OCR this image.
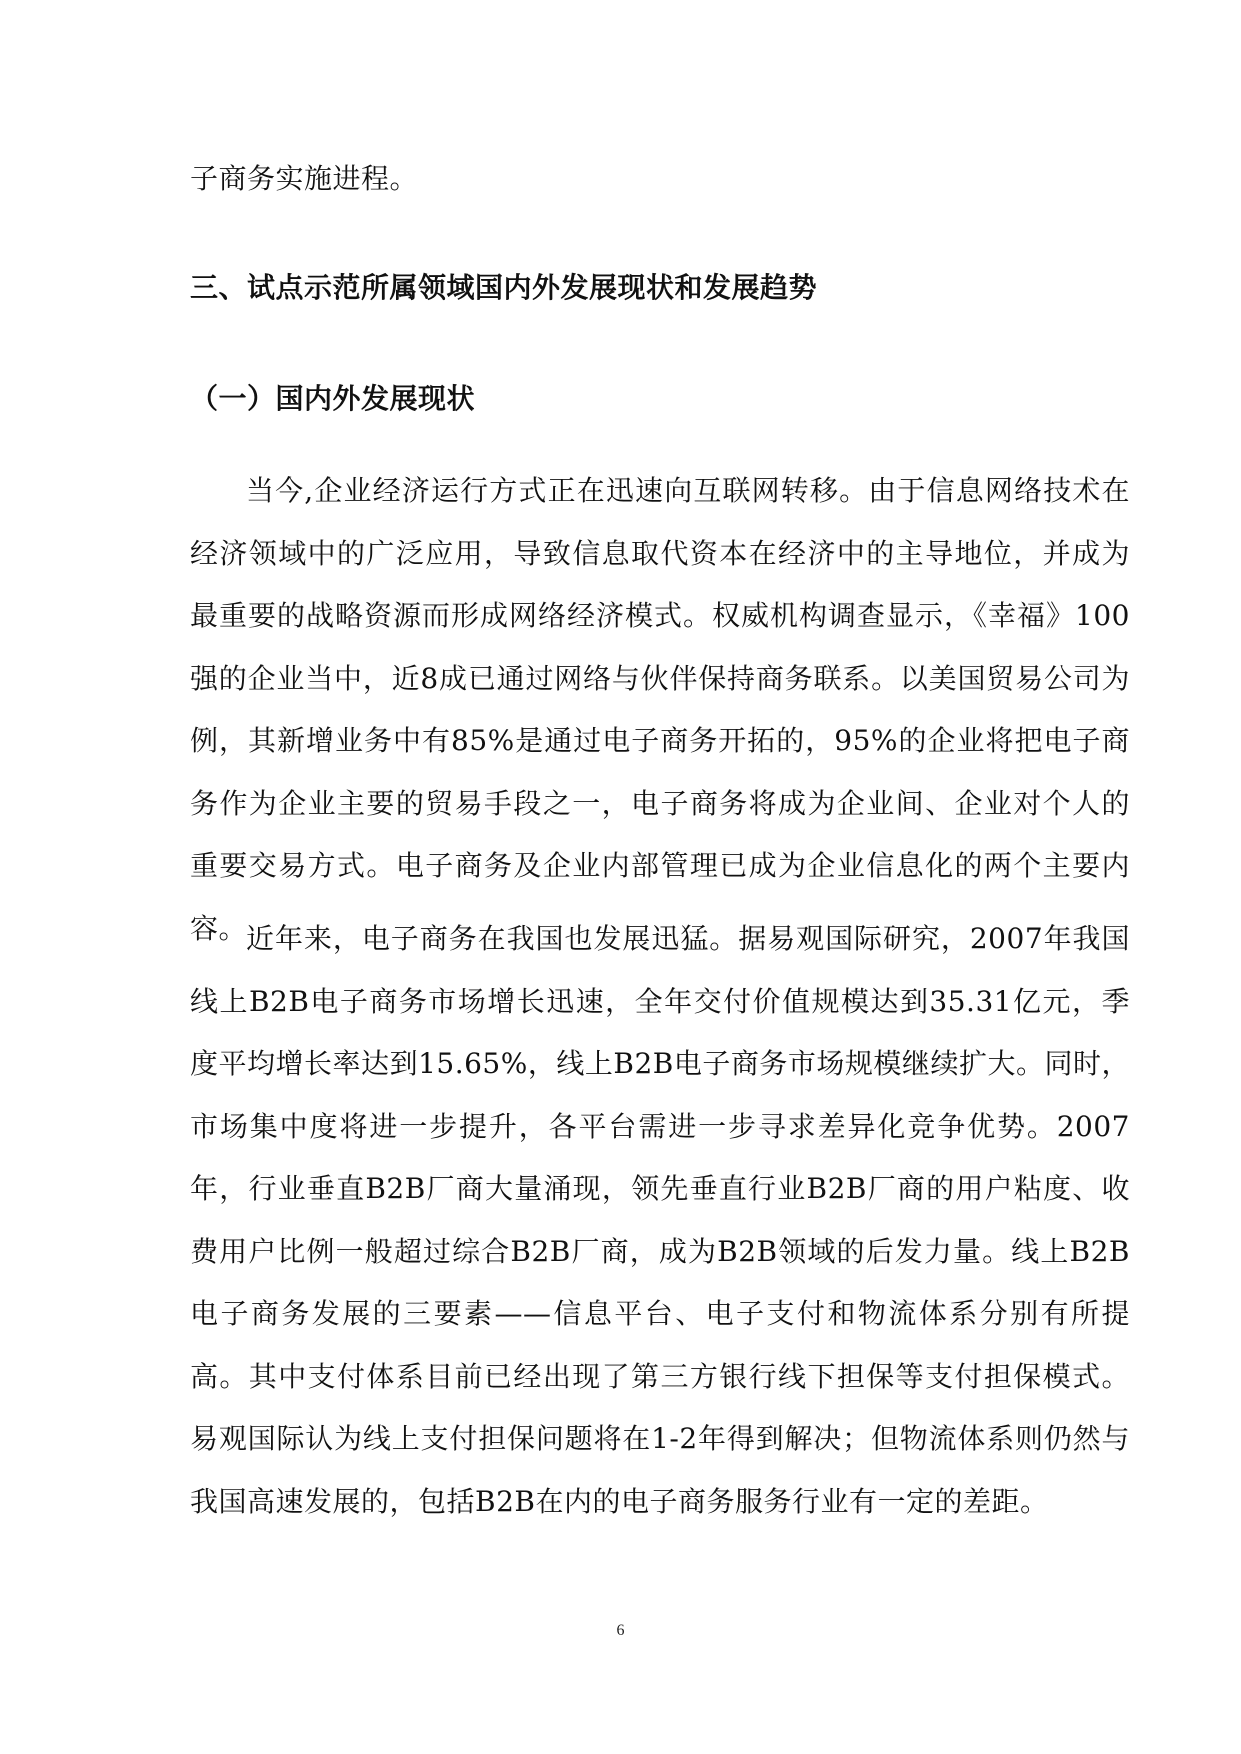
子商务实施进程。
三、试点示范所属领域国内外发展现状和发展趋势
（一）国内外发展现状
当今,企业经济运行方式正在迅速向互联网转移。由于信息网络技术在经济领域中的广泛应用，导致信息取代资本在经济中的主导地位，并成为最重要的战略资源而形成网络经济模式。权威机构调查显示，《幸福》100强的企业当中，近8成已通过网络与伙伴保持商务联系。以美国贸易公司为例，其新增业务中有85%是通过电子商务开拓的，95%的企业将把电子商务作为企业主要的贸易手段之一，电子商务将成为企业间、企业对个人的重要交易方式。电子商务及企业内部管理已成为企业信息化的两个主要内容。
近年来，电子商务在我国也发展迅猛。据易观国际研究，2007年我国线上B2B电子商务市场增长迅速，全年交付价值规模达到35.31亿元，季度平均增长率达到15.65%，线上B2B电子商务市场规模继续扩大。同时，市场集中度将进一步提升，各平台需进一步寻求差异化竞争优势。2007年，行业垂直B2B厂商大量涌现，领先垂直行业B2B厂商的用户粘度、收费用户比例一般超过综合B2B厂商，成为B2B领域的后发力量。线上B2B电子商务发展的三要素——信息平台、电子支付和物流体系分别有所提高。其中支付体系目前已经出现了第三方银行线下担保等支付担保模式。易观国际认为线上支付担保问题将在1-2年得到解决；但物流体系则仍然与我国高速发展的，包括B2B在内的电子商务服务行业有一定的差距。
6
